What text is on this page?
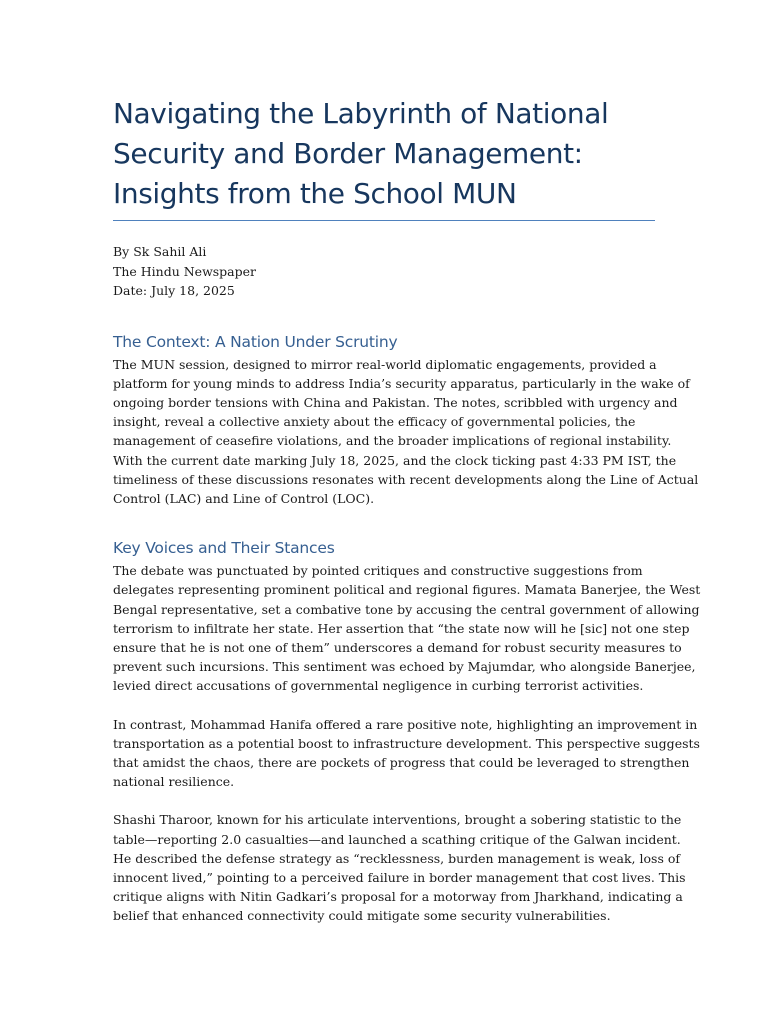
Navigating the Labyrinth of National
Security and Border Management:
Insights from the School MUN
By Sk Sahil Ali
The Hindu Newspaper
Date: July 18, 2025
The Context: A Nation Under Scrutiny

The MUN session, designed to mirror real-world diplomatic engagements, provided a
platform for young minds to address India’s security apparatus, particularly in the wake of
ongoing border tensions with China and Pakistan. The notes, scribbled with urgency and
insight, reveal a collective anxiety about the efficacy of governmental policies, the
management of ceasefire violations, and the broader implications of regional instability.
With the current date marking July 18, 2025, and the clock ticking past 4:33 PM IST, the
timeliness of these discussions resonates with recent developments along the Line of Actual
Control (LAC) and Line of Control (LOC).

Key Voices and Their Stances

The debate was punctuated by pointed critiques and constructive suggestions from
delegates representing prominent political and regional figures. Mamata Banerjee, the West
Bengal representative, set a combative tone by accusing the central government of allowing
terrorism to infiltrate her state. Her assertion that “the state now will he [sic] not one step
ensure that he is not one of them” underscores a demand for robust security measures to
prevent such incursions. This sentiment was echoed by Majumdar, who alongside Banerjee,
levied direct accusations of governmental negligence in curbing terrorist activities.

In contrast, Mohammad Hanifa offered a rare positive note, highlighting an improvement in
transportation as a potential boost to infrastructure development. This perspective suggests
that amidst the chaos, there are pockets of progress that could be leveraged to strengthen
national resilience.

Shashi Tharoor, known for his articulate interventions, brought a sobering statistic to the
table—reporting 2.0 casualties—and launched a scathing critique of the Galwan incident.
He described the defense strategy as “recklessness, burden management is weak, loss of
innocent lived,” pointing to a perceived failure in border management that cost lives. This
critique aligns with Nitin Gadkari’s proposal for a motorway from Jharkhand, indicating a
belief that enhanced connectivity could mitigate some security vulnerabilities.
